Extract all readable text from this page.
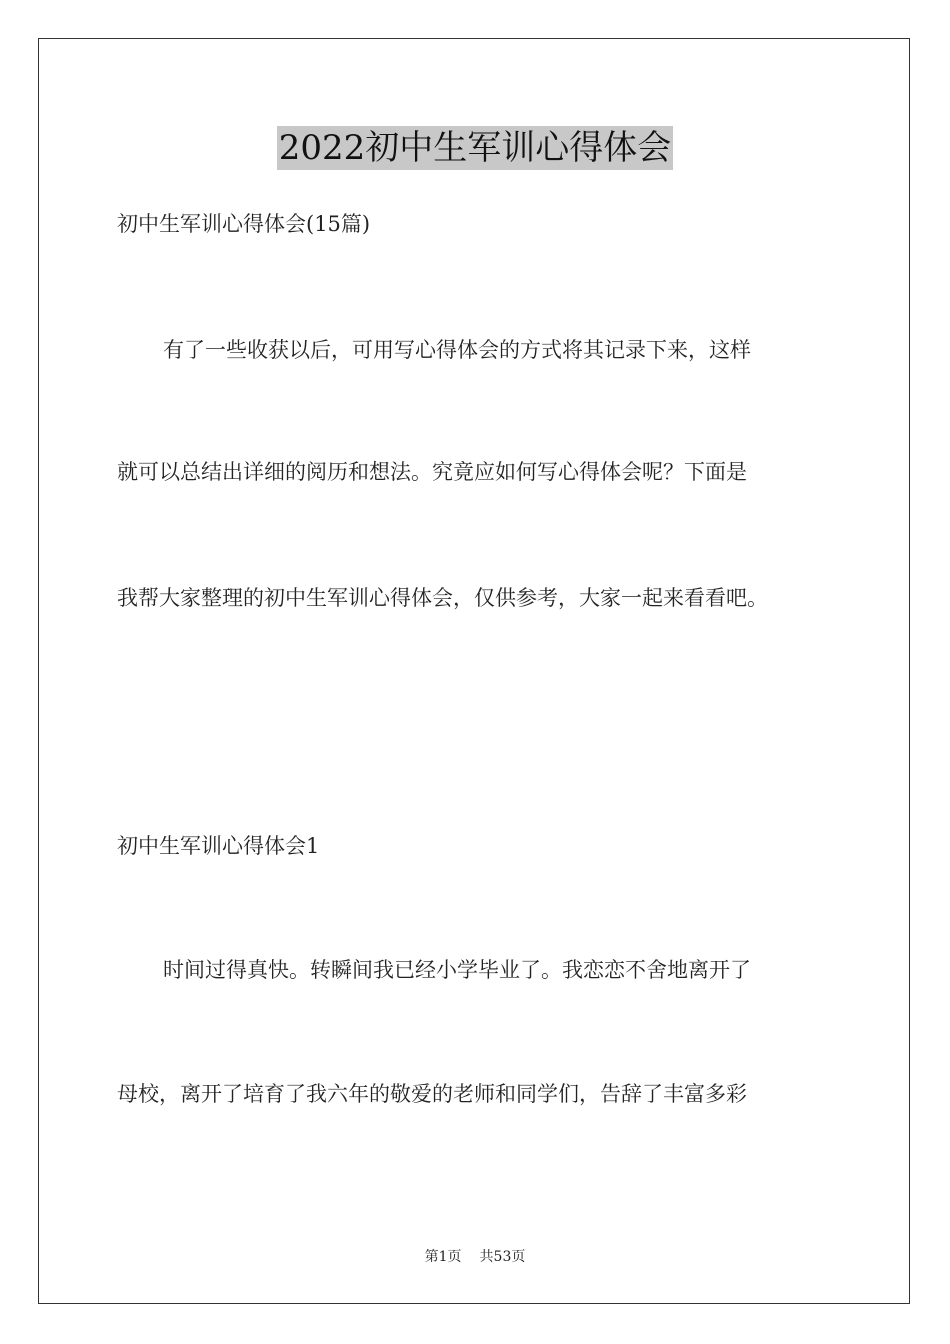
2022初中生军训心得体会
初中生军训心得体会(15篇)
有了一些收获以后，可用写心得体会的方式将其记录下来，这样
就可以总结出详细的阅历和想法。究竟应如何写心得体会呢？下面是
我帮大家整理的初中生军训心得体会，仅供参考，大家一起来看看吧。
初中生军训心得体会1
时间过得真快。转瞬间我已经小学毕业了。我恋恋不舍地离开了
母校，离开了培育了我六年的敬爱的老师和同学们，告辞了丰富多彩
第1页 共53页
